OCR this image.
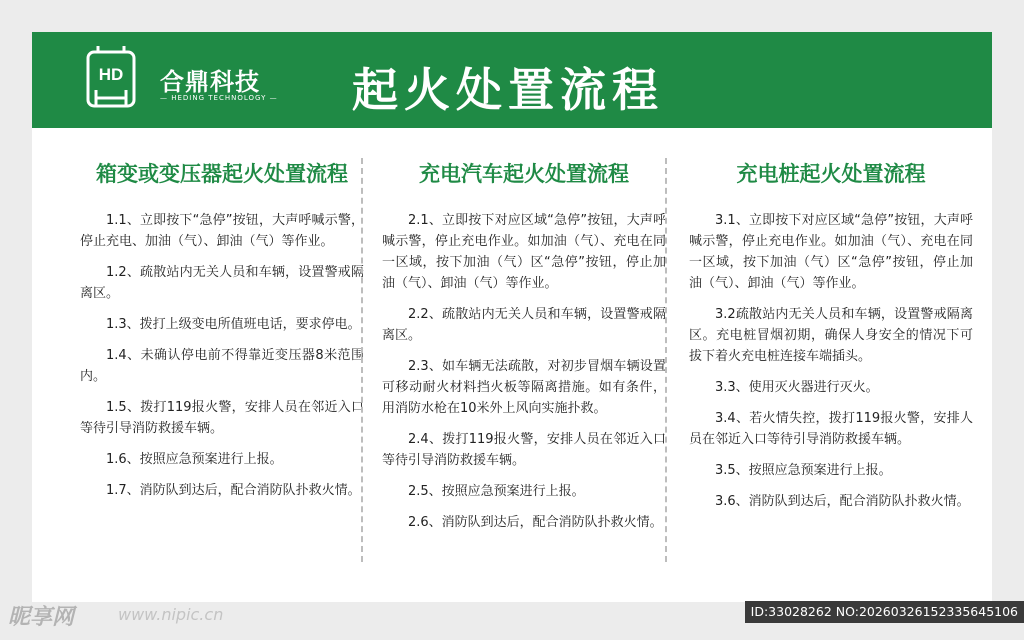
HD 合鼎科技
— HEDING TECHNOLOGY — 起火处置流程
箱变或变压器起火处置流程

1.1、立即按下“急停”按钮，大声呼喊示警，停止充电、加油（气）、卸油（气）等作业。

1.2、疏散站内无关人员和车辆，设置警戒隔离区。

1.3、拨打上级变电所值班电话，要求停电。

1.4、未确认停电前不得靠近变压器8米范围内。

1.5、拨打119报火警，安排人员在邻近入口等待引导消防救援车辆。

1.6、按照应急预案进行上报。

1.7、消防队到达后，配合消防队扑救火情。

充电汽车起火处置流程

2.1、立即按下对应区域“急停”按钮，大声呼喊示警，停止充电作业。如加油（气）、充电在同一区域，按下加油（气）区“急停”按钮，停止加油（气）、卸油（气）等作业。

2.2、疏散站内无关人员和车辆，设置警戒隔离区。

2.3、如车辆无法疏散，对初步冒烟车辆设置可移动耐火材料挡火板等隔离措施。如有条件，用消防水枪在10米外上风向实施扑救。

2.4、拨打119报火警，安排人员在邻近入口等待引导消防救援车辆。

2.5、按照应急预案进行上报。

2.6、消防队到达后，配合消防队扑救火情。

充电桩起火处置流程

3.1、立即按下对应区域“急停”按钮，大声呼喊示警，停止充电作业。如加油（气）、充电在同一区域，按下加油（气）区“急停”按钮，停止加油（气）、卸油（气）等作业。

3.2疏散站内无关人员和车辆，设置警戒隔离区。充电桩冒烟初期，确保人身安全的情况下可拔下着火充电桩连接车端插头。

3.3、使用灭火器进行灭火。

3.4、若火情失控，拨打119报火警，安排人员在邻近入口等待引导消防救援车辆。

3.5、按照应急预案进行上报。

3.6、消防队到达后，配合消防队扑救火情。

昵享网	www.nipic.cn	ID:33028262 NO:20260326152335645106
